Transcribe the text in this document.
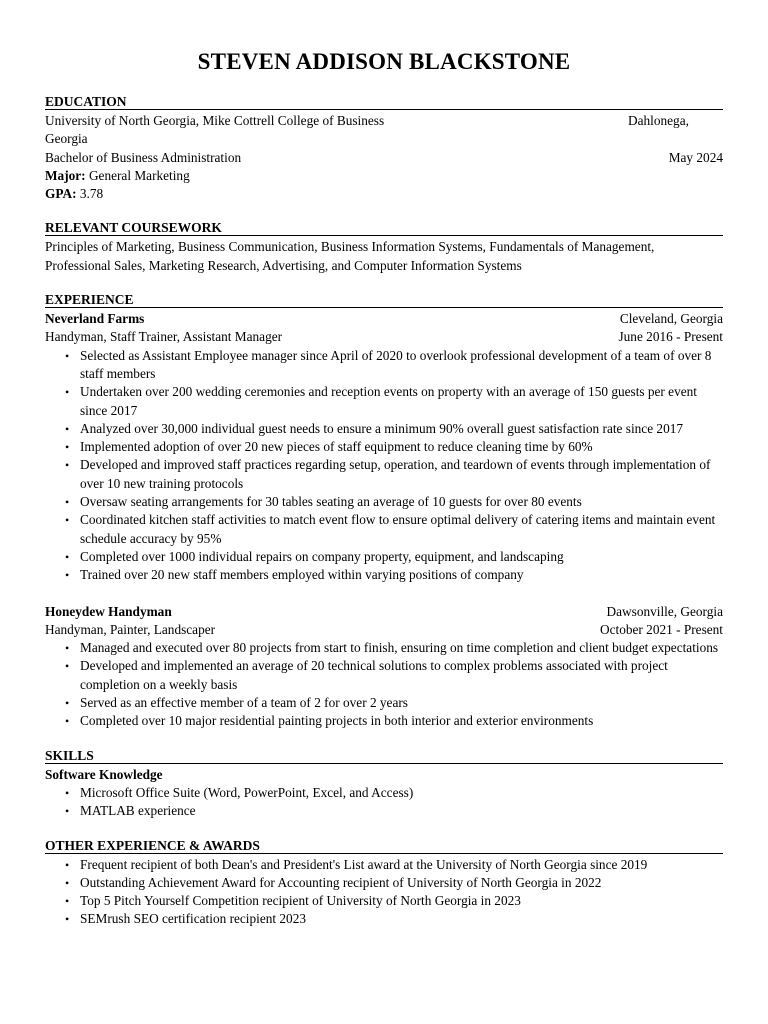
STEVEN ADDISON BLACKSTONE
EDUCATION
University of North Georgia, Mike Cottrell College of Business	Dahlonega,
Georgia
Bachelor of Business Administration	May 2024
Major: General Marketing
GPA: 3.78
RELEVANT COURSEWORK
Principles of Marketing, Business Communication, Business Information Systems, Fundamentals of Management, Professional Sales, Marketing Research, Advertising, and Computer Information Systems
EXPERIENCE
Neverland Farms	Cleveland, Georgia
Handyman, Staff Trainer, Assistant Manager	June 2016 - Present
• Selected as Assistant Employee manager since April of 2020 to overlook professional development of a team of over 8 staff members
• Undertaken over 200 wedding ceremonies and reception events on property with an average of 150 guests per event since 2017
• Analyzed over 30,000 individual guest needs to ensure a minimum 90% overall guest satisfaction rate since 2017
• Implemented adoption of over 20 new pieces of staff equipment to reduce cleaning time by 60%
• Developed and improved staff practices regarding setup, operation, and teardown of events through implementation of over 10 new training protocols
• Oversaw seating arrangements for 30 tables seating an average of 10 guests for over 80 events
• Coordinated kitchen staff activities to match event flow to ensure optimal delivery of catering items and maintain event schedule accuracy by 95%
• Completed over 1000 individual repairs on company property, equipment, and landscaping
• Trained over 20 new staff members employed within varying positions of company
Honeydew Handyman	Dawsonville, Georgia
Handyman, Painter, Landscaper	October 2021 - Present
• Managed and executed over 80 projects from start to finish, ensuring on time completion and client budget expectations
• Developed and implemented an average of 20 technical solutions to complex problems associated with project completion on a weekly basis
• Served as an effective member of a team of 2 for over 2 years
• Completed over 10 major residential painting projects in both interior and exterior environments
SKILLS
Software Knowledge
• Microsoft Office Suite (Word, PowerPoint, Excel, and Access)
• MATLAB experience
OTHER EXPERIENCE & AWARDS
• Frequent recipient of both Dean's and President's List award at the University of North Georgia since 2019
• Outstanding Achievement Award for Accounting recipient of University of North Georgia in 2022
• Top 5 Pitch Yourself Competition recipient of University of North Georgia in 2023
• SEMrush SEO certification recipient 2023
